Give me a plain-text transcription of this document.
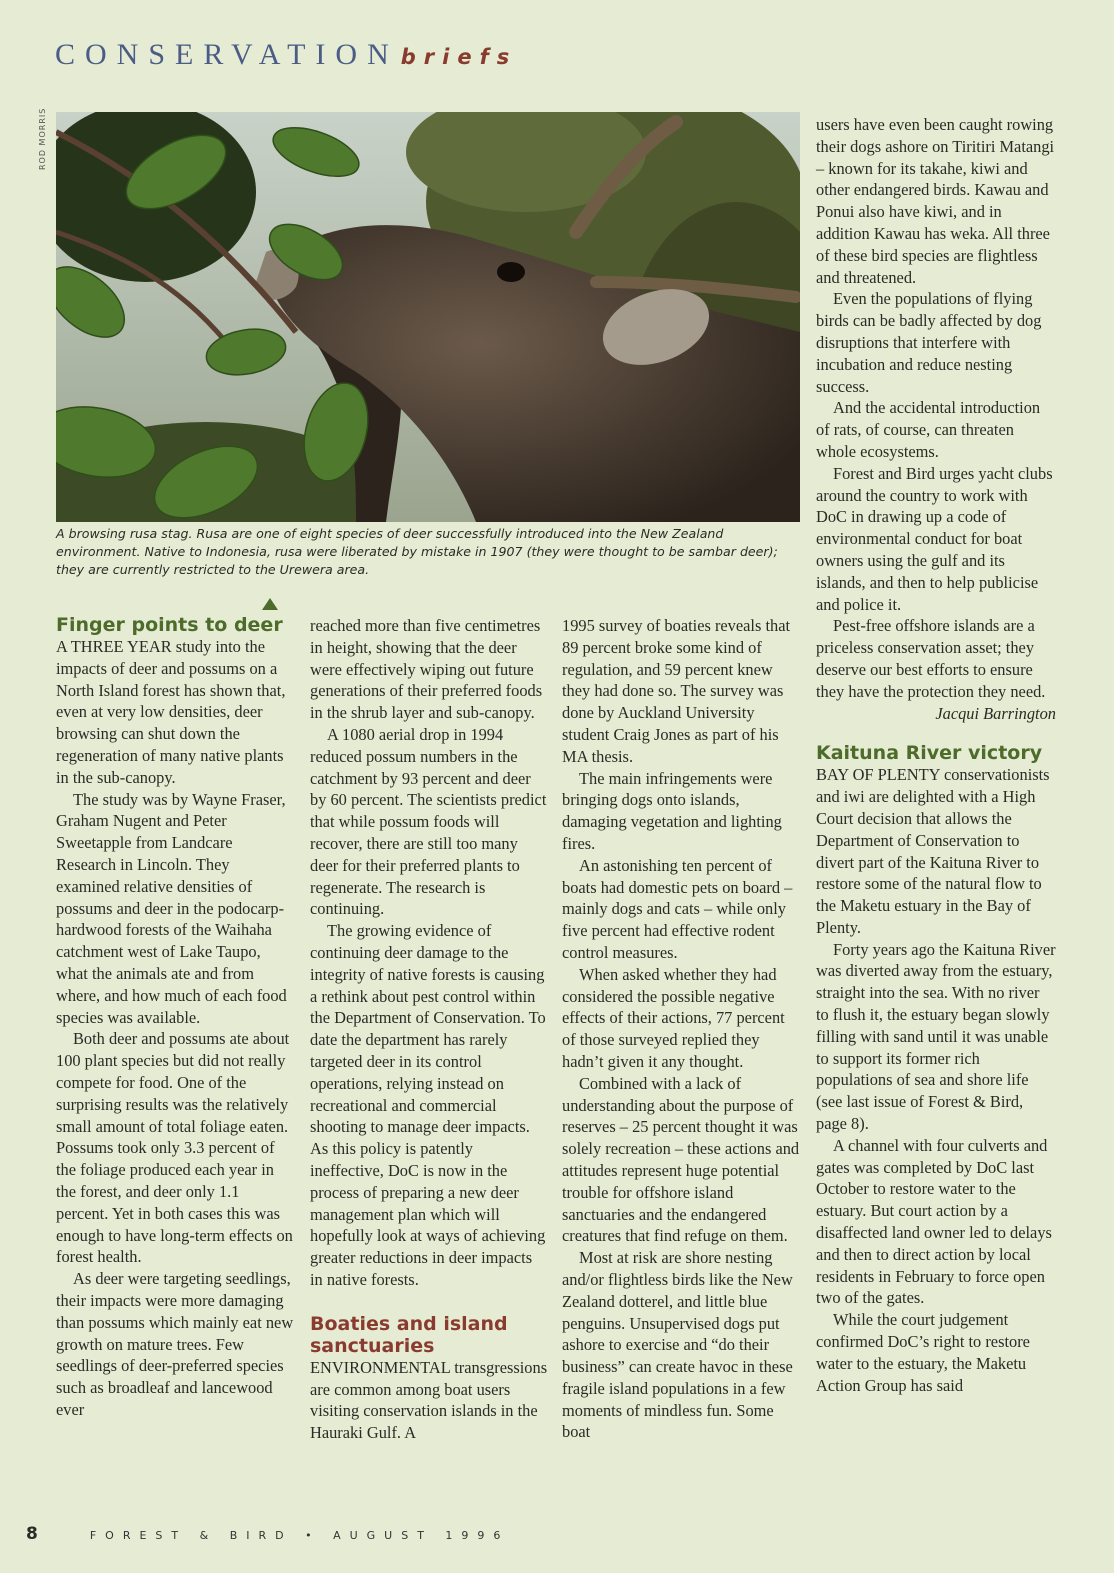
CONSERVATIONbriefs
ROD MORRIS
A browsing rusa stag. Rusa are one of eight species of deer successfully introduced into the New Zealand environment. Native to Indonesia, rusa were liberated by mistake in 1907 (they were thought to be sambar deer); they are currently restricted to the Urewera area.
Finger points to deer

A THREE YEAR study into the impacts of deer and possums on a North Island forest has shown that, even at very low densities, deer browsing can shut down the regeneration of many native plants in the sub-canopy.

The study was by Wayne Fraser, Graham Nugent and Peter Sweetapple from Landcare Research in Lincoln. They examined relative densities of possums and deer in the podocarp-hardwood forests of the Waihaha catchment west of Lake Taupo, what the animals ate and from where, and how much of each food species was available.

Both deer and possums ate about 100 plant species but did not really compete for food. One of the surprising results was the relatively small amount of total foliage eaten. Possums took only 3.3 percent of the foliage produced each year in the forest, and deer only 1.1 percent. Yet in both cases this was enough to have long-term effects on forest health.

As deer were targeting seedlings, their impacts were more damaging than possums which mainly eat new growth on mature trees. Few seedlings of deer-preferred species such as broadleaf and lancewood ever

reached more than five centimetres in height, showing that the deer were effectively wiping out future generations of their preferred foods in the shrub layer and sub-canopy.

A 1080 aerial drop in 1994 reduced possum numbers in the catchment by 93 percent and deer by 60 percent. The scientists predict that while possum foods will recover, there are still too many deer for their preferred plants to regenerate. The research is continuing.

The growing evidence of continuing deer damage to the integrity of native forests is causing a rethink about pest control within the Department of Conservation. To date the department has rarely targeted deer in its control operations, relying instead on recreational and commercial shooting to manage deer impacts. As this policy is patently ineffective, DoC is now in the process of preparing a new deer management plan which will hopefully look at ways of achieving greater reductions in deer impacts in native forests.

Boaties and island sanctuaries

ENVIRONMENTAL transgressions are common among boat users visiting conservation islands in the Hauraki Gulf. A

1995 survey of boaties reveals that 89 percent broke some kind of regulation, and 59 percent knew they had done so. The survey was done by Auckland University student Craig Jones as part of his MA thesis.

The main infringements were bringing dogs onto islands, damaging vegetation and lighting fires.

An astonishing ten percent of boats had domestic pets on board – mainly dogs and cats – while only five percent had effective rodent control measures.

When asked whether they had considered the possible negative effects of their actions, 77 percent of those surveyed replied they hadn’t given it any thought.

Combined with a lack of understanding about the purpose of reserves – 25 percent thought it was solely recreation – these actions and attitudes represent huge potential trouble for offshore island sanctuaries and the endangered creatures that find refuge on them.

Most at risk are shore nesting and/or flightless birds like the New Zealand dotterel, and little blue penguins. Unsupervised dogs put ashore to exercise and “do their business” can create havoc in these fragile island populations in a few moments of mindless fun. Some boat

users have even been caught rowing their dogs ashore on Tiritiri Matangi – known for its takahe, kiwi and other endangered birds. Kawau and Ponui also have kiwi, and in addition Kawau has weka. All three of these bird species are flightless and threatened.

Even the populations of flying birds can be badly affected by dog disruptions that interfere with incubation and reduce nesting success.

And the accidental introduction of rats, of course, can threaten whole ecosystems.

Forest and Bird urges yacht clubs around the country to work with DoC in drawing up a code of environmental conduct for boat owners using the gulf and its islands, and then to help publicise and police it.

Pest-free offshore islands are a priceless conservation asset; they deserve our best efforts to ensure they have the protection they need.

Jacqui Barrington

Kaituna River victory

BAY OF PLENTY conservationists and iwi are delighted with a High Court decision that allows the Department of Conservation to divert part of the Kaituna River to restore some of the natural flow to the Maketu estuary in the Bay of Plenty.

Forty years ago the Kaituna River was diverted away from the estuary, straight into the sea. With no river to flush it, the estuary began slowly filling with sand until it was unable to support its former rich populations of sea and shore life (see last issue of Forest & Bird, page 8).

A channel with four culverts and gates was completed by DoC last October to restore water to the estuary. But court action by a disaffected land owner led to delays and then to direct action by local residents in February to force open two of the gates.

While the court judgement confirmed DoC’s right to restore water to the estuary, the Maketu Action Group has said

8	FOREST & BIRD • AUGUST 1996
